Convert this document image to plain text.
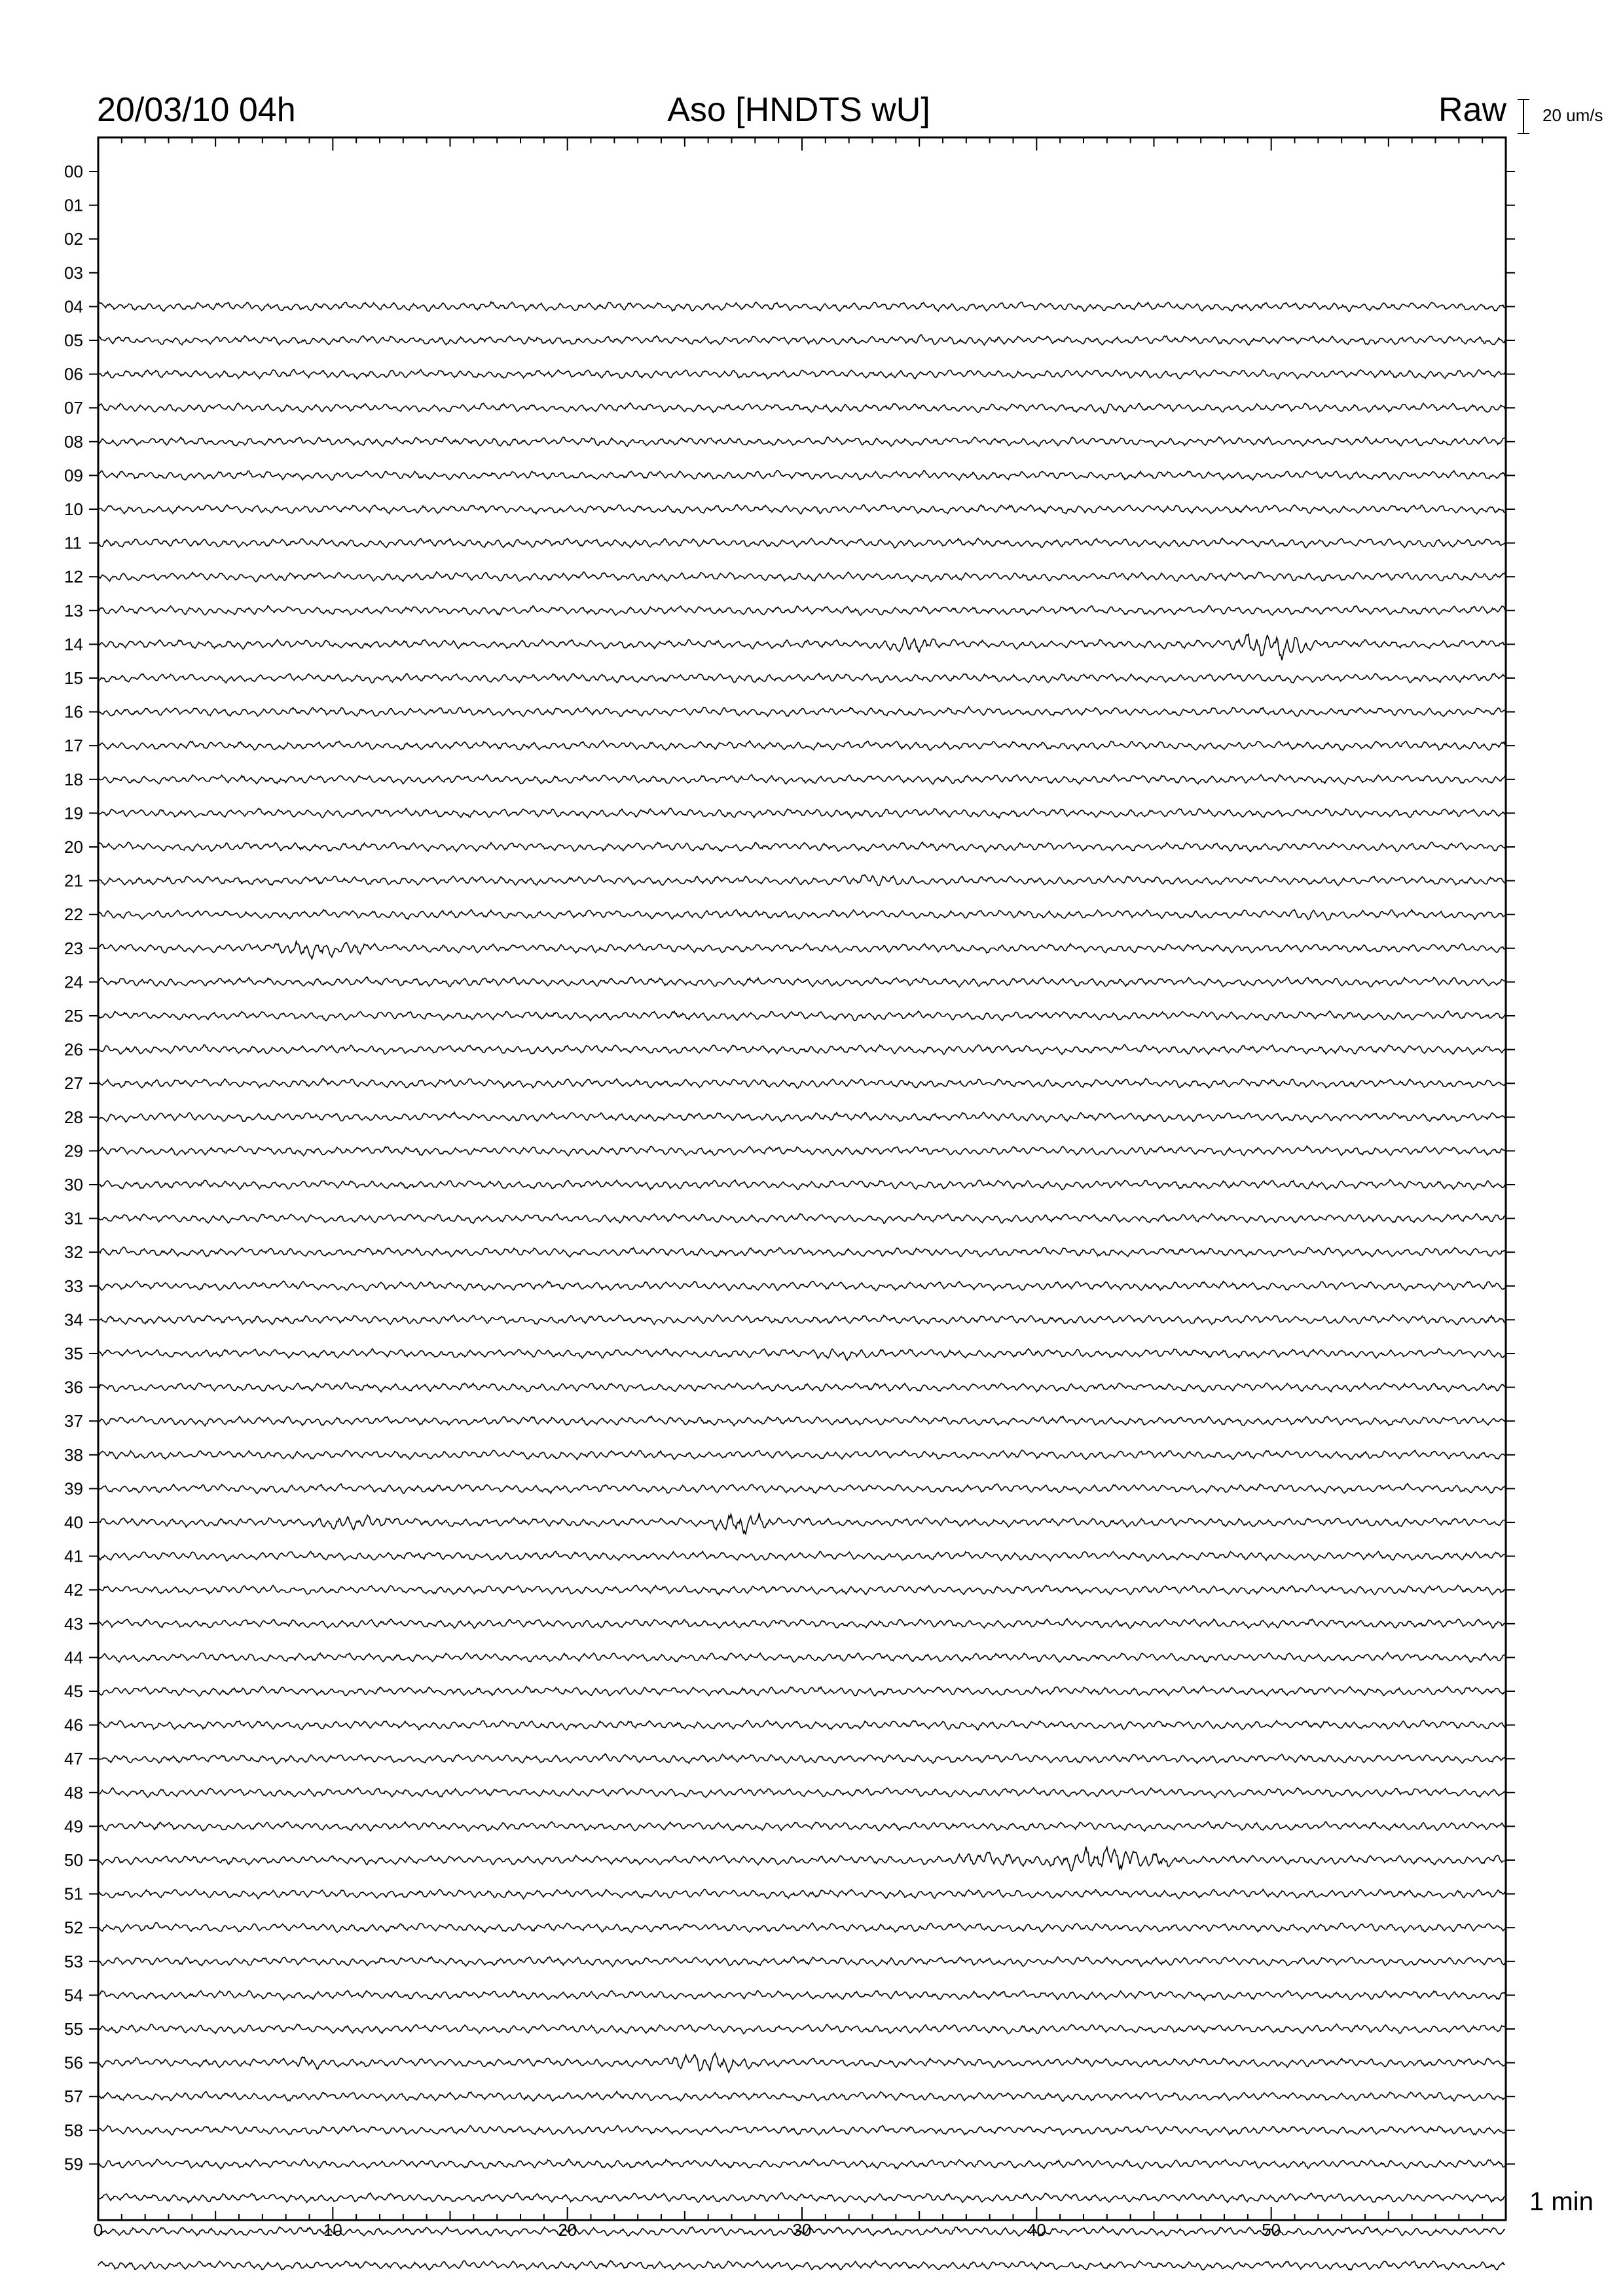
20/03/10 04h	Aso [HNDTS wU]	Raw 20 um/s
00
01
02
03
04
05
06
07
08
09
10
11
12
13
14
15
16
17
18
19
20
21
22
23
24
25
26
27
28
29
30
31
32
33
34
35
36
37
38
39
40
41
42
43
44
45
46
47
48
49
50
51
52
53
54
55
56
57
58
59
0	10	20	30	40	50
1 min
